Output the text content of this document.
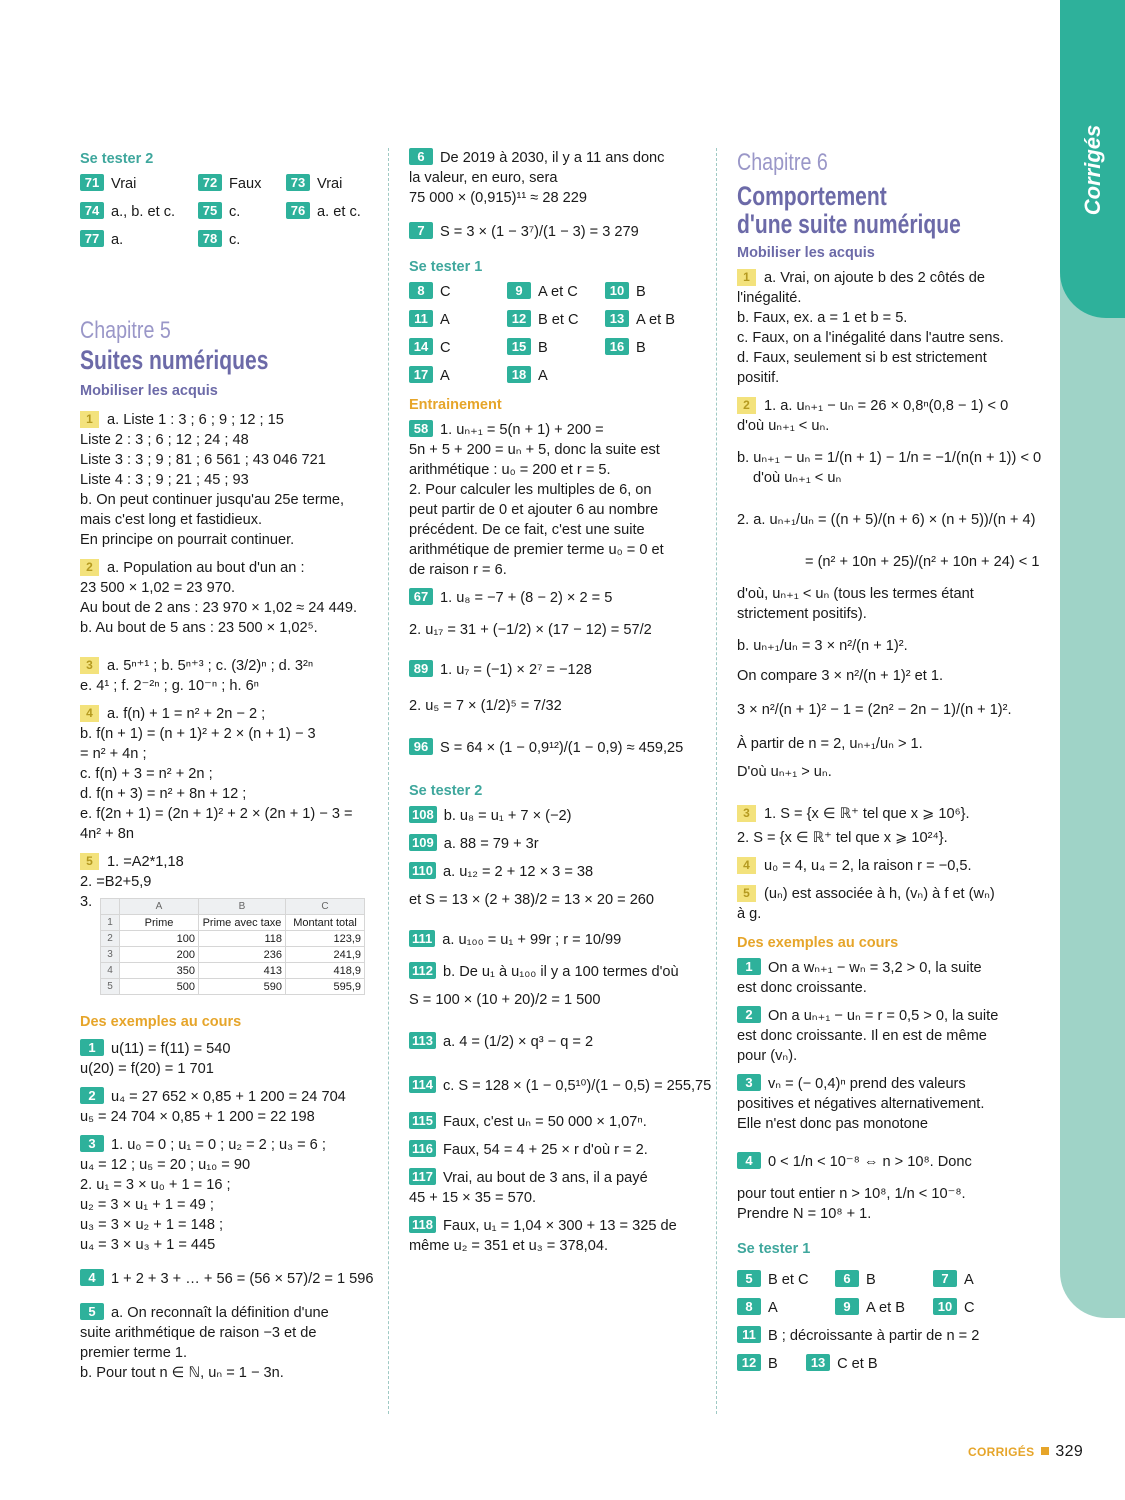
Corrigés
Se tester 2
71 Vrai	72 Faux	73 Vrai
74 a., b. et c.	75 c.	76 a. et c.
77 a.	78 c.
Chapitre 5
Suites numériques
Mobiliser les acquis
1 a. Liste 1 : 3 ; 6 ; 9 ; 12 ; 15
Liste 2 : 3 ; 6 ; 12 ; 24 ; 48
Liste 3 : 3 ; 9 ; 81 ; 6 561 ; 43 046 721
Liste 4 : 3 ; 9 ; 21 ; 45 ; 93
b. On peut continuer jusqu'au 25e terme,
mais c'est long et fastidieux.
En principe on pourrait continuer.
2 a. Population au bout d'un an :
23 500 × 1,02 = 23 970.
Au bout de 2 ans : 23 970 × 1,02 ≈ 24 449.
b. Au bout de 5 ans : 23 500 × 1,02⁵.
3 a. 5ⁿ⁺¹ ; b. 5ⁿ⁺³ ; c. (3/2)ⁿ ; d. 3²ⁿ
e. 4¹ ; f. 2⁻²ⁿ ; g. 10⁻ⁿ ; h. 6ⁿ
4 a. f(n) + 1 = n² + 2n − 2 ;
b. f(n + 1) = (n + 1)² + 2 × (n + 1) − 3
= n² + 4n ;
c. f(n) + 3 = n² + 2n ;
d. f(n + 3) = n² + 8n + 12 ;
e. f(2n + 1) = (2n + 1)² + 2 × (2n + 1) − 3 =
4n² + 8n
5 1. =A2*1,18
2. =B2+5,9
3.
		A	B	C
1	Prime	Prime avec taxe	Montant total
2	100	118	123,9
3	200	236	241,9
4	350	413	418,9
5	500	590	595,9
Des exemples au cours
1 u(11) = f(11) = 540
u(20) = f(20) = 1 701
2 u₄ = 27 652 × 0,85 + 1 200 = 24 704
u₅ = 24 704 × 0,85 + 1 200 = 22 198
3 1. u₀ = 0 ; u₁ = 0 ; u₂ = 2 ; u₃ = 6 ;
u₄ = 12 ; u₅ = 20 ; u₁₀ = 90
2. u₁ = 3 × u₀ + 1 = 16 ;
u₂ = 3 × u₁ + 1 = 49 ;
u₃ = 3 × u₂ + 1 = 148 ;
u₄ = 3 × u₃ + 1 = 445
4 1 + 2 + 3 + … + 56 = (56 × 57)/2 = 1 596
5 a. On reconnaît la définition d'une
suite arithmétique de raison −3 et de
premier terme 1.
b. Pour tout n ∈ ℕ, uₙ = 1 − 3n.
6 De 2019 à 2030, il y a 11 ans donc
la valeur, en euro, sera
75 000 × (0,915)¹¹ ≈ 28 229
7 S = 3 × (1 − 3⁷)/(1 − 3) = 3 279
Se tester 1
8 C	9 A et C	10 B
11 A	12 B et C	13 A et B
14 C	15 B	16 B
17 A	18 A
Entrainement
58 1. uₙ₊₁ = 5(n + 1) + 200 =
5n + 5 + 200 = uₙ + 5, donc la suite est
arithmétique : u₀ = 200 et r = 5.
2. Pour calculer les multiples de 6, on
peut partir de 0 et ajouter 6 au nombre
précédent. De ce fait, c'est une suite
arithmétique de premier terme u₀ = 0 et
de raison r = 6.
67 1. u₈ = −7 + (8 − 2) × 2 = 5
2. u₁₇ = 31 + (−1/2) × (17 − 12) = 57/2
89 1. u₇ = (−1) × 2⁷ = −128
2. u₅ = 7 × (1/2)⁵ = 7/32
96 S = 64 × (1 − 0,9¹²)/(1 − 0,9) ≈ 459,25
Se tester 2
108 b. u₈ = u₁ + 7 × (−2)
109 a. 88 = 79 + 3r
110 a. u₁₂ = 2 + 12 × 3 = 38
et S = 13 × (2 + 38)/2 = 13 × 20 = 260
111 a. u₁₀₀ = u₁ + 99r ; r = 10/99
112 b. De u₁ à u₁₀₀ il y a 100 termes d'où
S = 100 × (10 + 20)/2 = 1 500
113 a. 4 = (1/2) × q³ − q = 2
114 c. S = 128 × (1 − 0,5¹⁰)/(1 − 0,5) = 255,75
115 Faux, c'est uₙ = 50 000 × 1,07ⁿ.
116 Faux, 54 = 4 + 25 × r d'où r = 2.
117 Vrai, au bout de 3 ans, il a payé
45 + 15 × 35 = 570.
118 Faux, u₁ = 1,04 × 300 + 13 = 325 de
même u₂ = 351 et u₃ = 378,04.
Chapitre 6
Comportement
d'une suite numérique
Mobiliser les acquis
1 a. Vrai, on ajoute b des 2 côtés de
l'inégalité.
b. Faux, ex. a = 1 et b = 5.
c. Faux, on a l'inégalité dans l'autre sens.
d. Faux, seulement si b est strictement
positif.
2 1. a. uₙ₊₁ − uₙ = 26 × 0,8ⁿ(0,8 − 1) < 0
d'où uₙ₊₁ < uₙ.
b. uₙ₊₁ − uₙ = 1/(n + 1) − 1/n = −1/(n(n + 1)) < 0
d'où uₙ₊₁ < uₙ
2. a. uₙ₊₁/uₙ = ((n + 5)/(n + 6) × (n + 5))/(n + 4)
= (n² + 10n + 25)/(n² + 10n + 24) < 1
d'où, uₙ₊₁ < uₙ (tous les termes étant
strictement positifs).
b. uₙ₊₁/uₙ = 3 × n²/(n + 1)².
On compare 3 × n²/(n + 1)² et 1.
3 × n²/(n + 1)² − 1 = (2n² − 2n − 1)/(n + 1)².
À partir de n = 2, uₙ₊₁/uₙ > 1.
D'où uₙ₊₁ > uₙ.
3 1. S = {x ∈ ℝ⁺ tel que x ⩾ 10⁶}.
2. S = {x ∈ ℝ⁺ tel que x ⩾ 10²⁴}.
4 u₀ = 4, u₄ = 2, la raison r = −0,5.
5 (uₙ) est associée à h, (vₙ) à f et (wₙ)
à g.
Des exemples au cours
1 On a wₙ₊₁ − wₙ = 3,2 > 0, la suite
est donc croissante.
2 On a uₙ₊₁ − uₙ = r = 0,5 > 0, la suite
est donc croissante. Il en est de même
pour (vₙ).
3 vₙ = (− 0,4)ⁿ prend des valeurs
positives et négatives alternativement.
Elle n'est donc pas monotone
4 0 < 1/n < 10⁻⁸ ⇔ n > 10⁸. Donc
pour tout entier n > 10⁸, 1/n < 10⁻⁸.
Prendre N = 10⁸ + 1.
Se tester 1
5 B et C	6 B	7 A
8 A	9 A et B	10 C
11 B ; décroissante à partir de n = 2
12 B	13 C et B
CORRIGÉS 329
